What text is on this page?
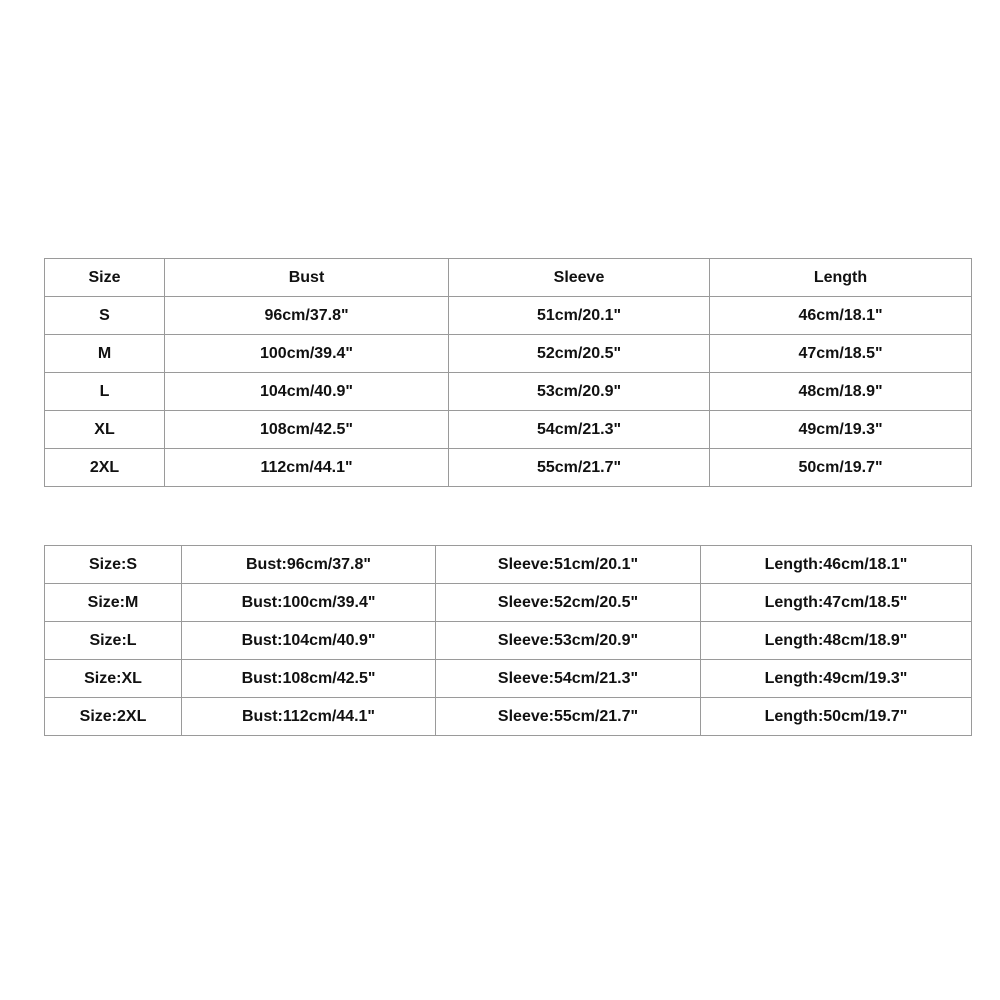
Size	Bust	Sleeve	Length
S	96cm/37.8"	51cm/20.1"	46cm/18.1"
M	100cm/39.4"	52cm/20.5"	47cm/18.5"
L	104cm/40.9"	53cm/20.9"	48cm/18.9"
XL	108cm/42.5"	54cm/21.3"	49cm/19.3"
2XL	112cm/44.1"	55cm/21.7"	50cm/19.7"
Size:S	Bust:96cm/37.8"	Sleeve:51cm/20.1"	Length:46cm/18.1"
Size:M	Bust:100cm/39.4"	Sleeve:52cm/20.5"	Length:47cm/18.5"
Size:L	Bust:104cm/40.9"	Sleeve:53cm/20.9"	Length:48cm/18.9"
Size:XL	Bust:108cm/42.5"	Sleeve:54cm/21.3"	Length:49cm/19.3"
Size:2XL	Bust:112cm/44.1"	Sleeve:55cm/21.7"	Length:50cm/19.7"
